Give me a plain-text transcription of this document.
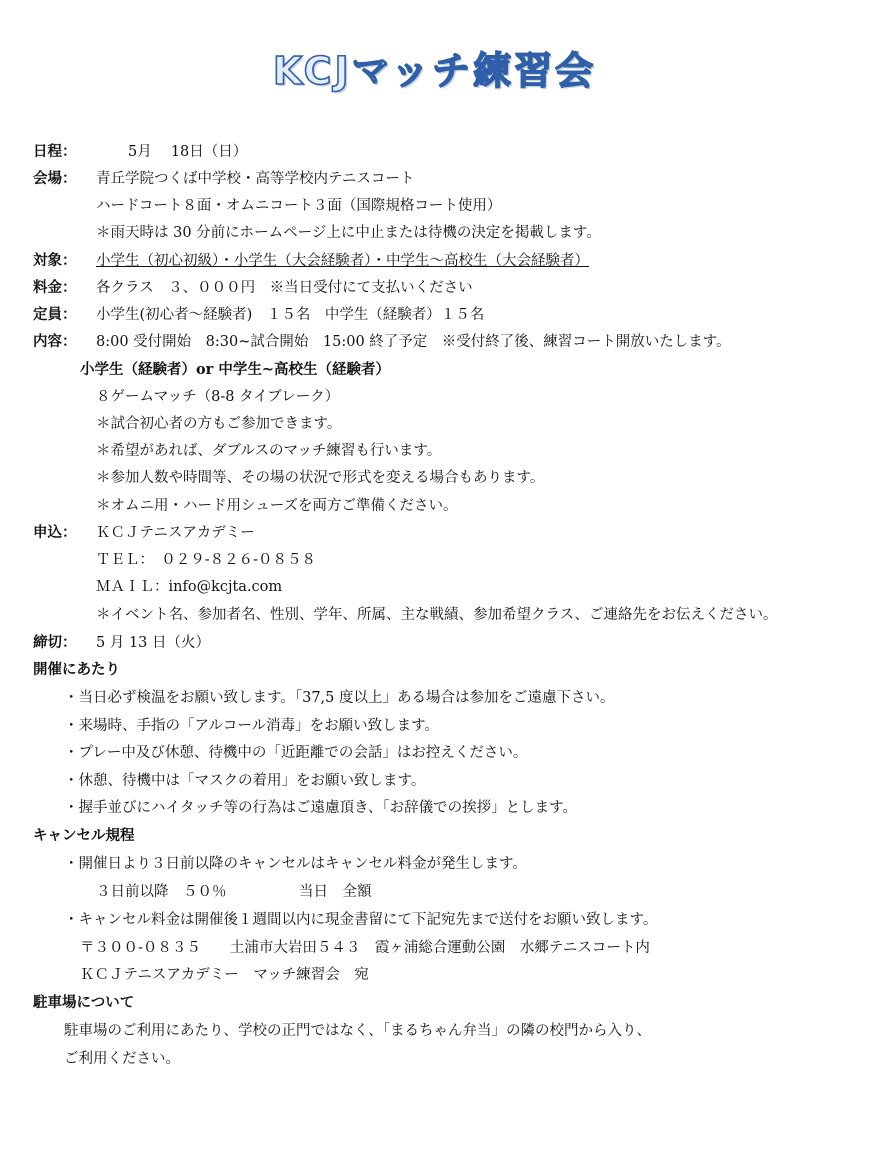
KCJマッチ練習会
日程：	5月　 18日（日）
会場： 青丘学院つくば中学校・高等学校内テニスコート
ハードコート８面・オムニコート３面（国際規格コート使用）
＊雨天時は 30 分前にホームページ上に中止または待機の決定を掲載します。
対象： 小学生（初心初級）・小学生（大会経験者）・中学生～高校生（大会経験者）
料金： 各クラス　３、０００円　※当日受付にて支払いください
定員： 小学生(初心者～経験者)　１５名　中学生（経験者）１５名
内容： 8:00 受付開始　8:30~試合開始　15:00 終了予定　※受付終了後、練習コート開放いたします。
小学生（経験者）or 中学生~高校生（経験者）
８ゲームマッチ（8-8 タイブレーク）
＊試合初心者の方もご参加できます。
＊希望があれば、ダブルスのマッチ練習も行います。
＊参加人数や時間等、その場の状況で形式を変える場合もあります。
＊オムニ用・ハード用シューズを両方ご準備ください。
申込： ＫＣＪテニスアカデミー
ＴＥＬ：　０２９-８２６-０８５８
ＭＡＩＬ：info@kcjta.com
＊イベント名、参加者名、性別、学年、所属、主な戦績、参加希望クラス、ご連絡先をお伝えください。
締切： 5 月 13 日（火）
開催にあたり
・当日必ず検温をお願い致します。「37,5 度以上」ある場合は参加をご遠慮下さい。
・来場時、手指の「アルコール消毒」をお願い致します。
・プレー中及び休憩、待機中の「近距離での会話」はお控えください。
・休憩、待機中は「マスクの着用」をお願い致します。
・握手並びにハイタッチ等の行為はご遠慮頂き、「お辞儀での挨拶」とします。
キャンセル規程
・開催日より３日前以降のキャンセルはキャンセル料金が発生します。
３日前以降　５０％　　　　　当日　全額
・キャンセル料金は開催後１週間以内に現金書留にて下記宛先まで送付をお願い致します。
〒３００-０８３５　　土浦市大岩田５４３　霞ヶ浦総合運動公園　水郷テニスコート内
ＫＣＪテニスアカデミー　マッチ練習会　宛
駐車場について
駐車場のご利用にあたり、学校の正門ではなく、「まるちゃん弁当」の隣の校門から入り、
ご利用ください。
